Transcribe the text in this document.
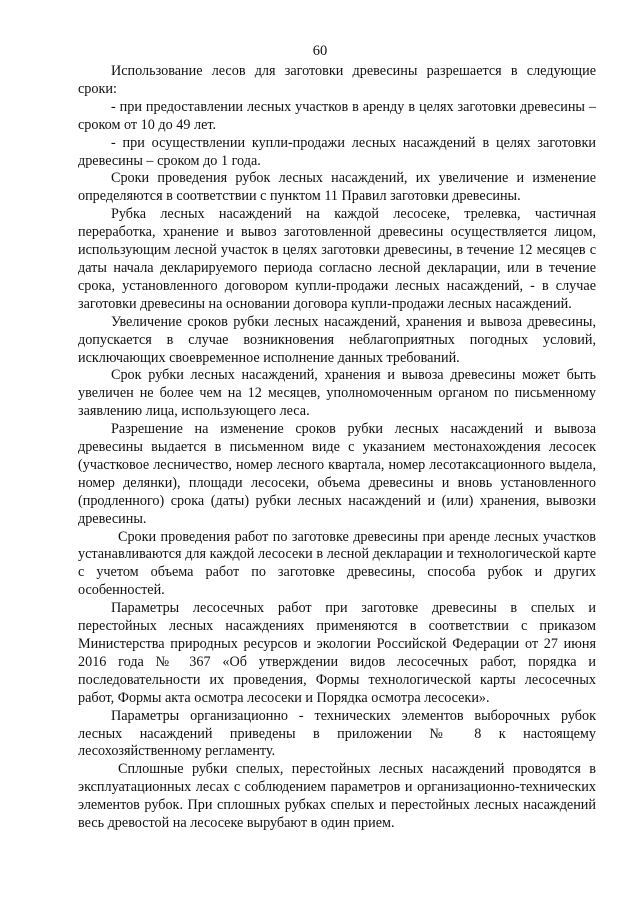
60

Использование лесов для заготовки древесины разрешается в следующие сроки:

- при предоставлении лесных участков в аренду в целях заготовки древесины – сроком от 10 до 49 лет.

- при осуществлении купли-продажи лесных насаждений в целях заготовки древесины – сроком до 1 года.

Сроки проведения рубок лесных насаждений, их увеличение и изменение определяются в соответствии с пунктом 11 Правил заготовки древесины.

Рубка лесных насаждений на каждой лесосеке, трелевка, частичная переработка, хранение и вывоз заготовленной древесины осуществляется лицом, использующим лесной участок в целях заготовки древесины, в течение 12 месяцев с даты начала декларируемого периода согласно лесной декларации, или в течение срока, установленного договором купли-продажи лесных насаждений, - в случае заготовки древесины на основании договора купли-продажи лесных насаждений.

Увеличение сроков рубки лесных насаждений, хранения и вывоза древесины, допускается в случае возникновения неблагоприятных погодных условий, исключающих своевременное исполнение данных требований.

Срок рубки лесных насаждений, хранения и вывоза древесины может быть увеличен не более чем на 12 месяцев, уполномоченным органом по письменному заявлению лица, использующего леса.

Разрешение на изменение сроков рубки лесных насаждений и вывоза древесины выдается в письменном виде с указанием местонахождения лесосек (участковое лесничество, номер лесного квартала, номер лесотаксационного выдела, номер делянки), площади лесосеки, объема древесины и вновь установленного (продленного) срока (даты) рубки лесных насаждений и (или) хранения, вывозки древесины.

Сроки проведения работ по заготовке древесины при аренде лесных участков устанавливаются для каждой лесосеки в лесной декларации и технологической карте с учетом объема работ по заготовке древесины, способа рубок и других особенностей.

Параметры лесосечных работ при заготовке древесины в спелых и перестойных лесных насаждениях применяются в соответствии с приказом Министерства природных ресурсов и экологии Российской Федерации от 27 июня 2016 года № 367 «Об утверждении видов лесосечных работ, порядка и последовательности их проведения, Формы технологической карты лесосечных работ, Формы акта осмотра лесосеки и Порядка осмотра лесосеки».

Параметры организационно - технических элементов выборочных рубок лесных насаждений приведены в приложении № 8 к настоящему лесохозяйственному регламенту.

Сплошные рубки спелых, перестойных лесных насаждений проводятся в эксплуатационных лесах с соблюдением параметров и организационно-технических элементов рубок. При сплошных рубках спелых и перестойных лесных насаждений весь древостой на лесосеке вырубают в один прием.
